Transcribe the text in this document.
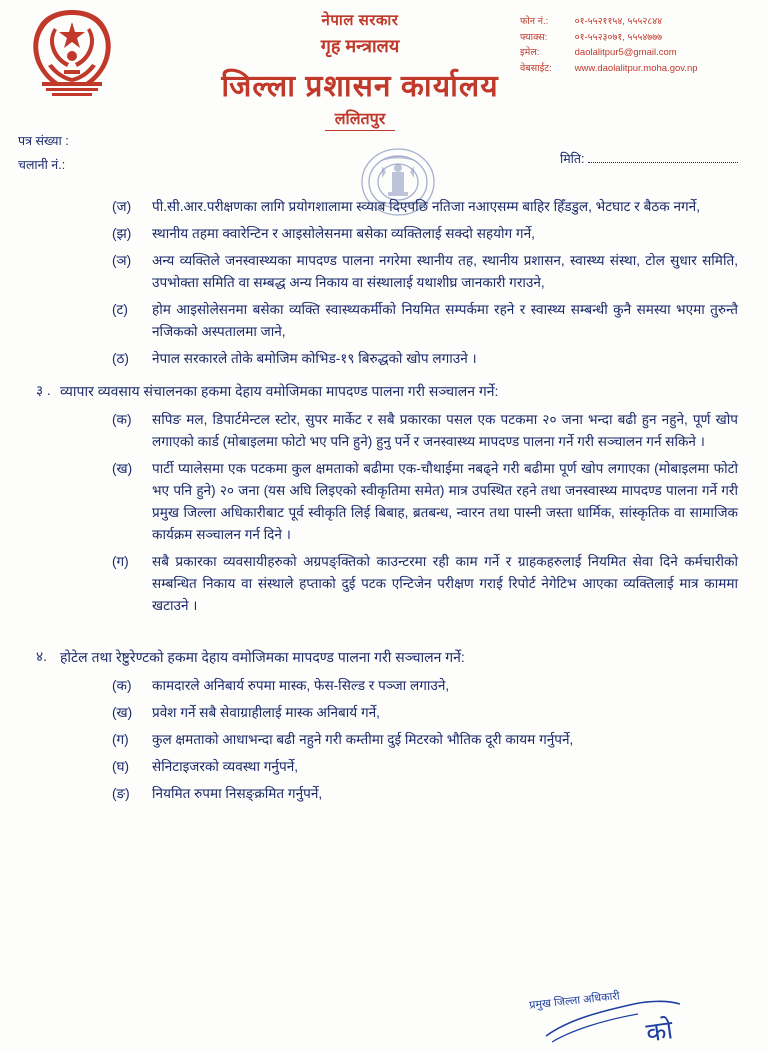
नेपाल सरकार
गृह मन्त्रालय
जिल्ला प्रशासन कार्यालय
ललितपुर
फोन नं.:	०१-५५२११५४, ५५५२८४४
फ्याक्स:	०१-५५२३०७१, ५५५४७७७
इमेल:	daolalitpur5@gmail.com
वेबसाईट: www.daolalitpur.moha.gov.np
पत्र संख्या :
चलानी नं.:	मिति:
(ज)	पी.सी.आर.परीक्षणका लागि प्रयोगशालामा स्व्याब दिएपछि नतिजा नआएसम्म बाहिर हिँडडुल, भेटघाट र बैठक नगर्ने,
(झ)	स्थानीय तहमा क्वारेन्टिन र आइसोलेसनमा बसेका व्यक्तिलाई सक्दो सहयोग गर्ने,
(ञ)	अन्य व्यक्तिले जनस्वास्थ्यका मापदण्ड पालना नगरेमा स्थानीय तह, स्थानीय प्रशासन, स्वास्थ्य संस्था, टोल सुधार समिति, उपभोक्ता समिति वा सम्बद्ध अन्य निकाय वा संस्थालाई यथाशीघ्र जानकारी गराउने,
(ट)	होम आइसोलेसनमा बसेका व्यक्ति स्वास्थ्यकर्मीको नियमित सम्पर्कमा रहने र स्वास्थ्य सम्बन्धी कुनै समस्या भएमा तुरुन्तै नजिकको अस्पतालमा जाने,
(ठ)	नेपाल सरकारले तोके बमोजिम कोभिड-१९ बिरुद्धको खोप लगाउने ।
३ . व्यापार व्यवसाय संचालनका हकमा देहाय वमोजिमका मापदण्ड पालना गरी सञ्चालन गर्ने:
(क)	सपिङ मल, डिपार्टमेन्टल स्टोर, सुपर मार्केट र सबै प्रकारका पसल एक पटकमा २० जना भन्दा बढी हुन नहुने, पूर्ण खोप लगाएको कार्ड (मोबाइलमा फोटो भए पनि हुने) हुनु पर्ने र जनस्वास्थ्य मापदण्ड पालना गर्ने गरी सञ्चालन गर्न सकिने ।
(ख)	पार्टी प्यालेसमा एक पटकमा कुल क्षमताको बढीमा एक-चौथाईमा नबढ्ने गरी बढीमा पूर्ण खोप लगाएका (मोबाइलमा फोटो भए पनि हुने) २० जना (यस अघि लिइएको स्वीकृतिमा समेत) मात्र उपस्थित रहने तथा जनस्वास्थ्य मापदण्ड पालना गर्ने गरी प्रमुख जिल्ला अधिकारीबाट पूर्व स्वीकृति लिई बिबाह, ब्रतबन्ध, न्वारन तथा पास्नी जस्ता धार्मिक, सांस्कृतिक वा सामाजिक कार्यक्रम सञ्चालन गर्न दिने ।
(ग)	सबै प्रकारका व्यवसायीहरुको अग्रपङ्क्तिको काउन्टरमा रही काम गर्ने र ग्राहकहरुलाई नियमित सेवा दिने कर्मचारीको सम्बन्धित निकाय वा संस्थाले हप्ताको दुई पटक एन्टिजेन परीक्षण गराई रिपोर्ट नेगेटिभ आएका व्यक्तिलाई मात्र काममा खटाउने ।
४. होटेल तथा रेष्टुरेण्टको हकमा देहाय वमोजिमका मापदण्ड पालना गरी सञ्चालन गर्ने:
(क)	कामदारले अनिबार्य रुपमा मास्क, फेस-सिल्ड र पञ्जा लगाउने,
(ख)	प्रवेश गर्ने सबै सेवाग्राहीलाई मास्क अनिबार्य गर्ने,
(ग)	कुल क्षमताको आधाभन्दा बढी नहुने गरी कम्तीमा दुई मिटरको भौतिक दूरी कायम गर्नुपर्ने,
(घ)	सेनिटाइजरको व्यवस्था गर्नुपर्ने,
(ङ)	नियमित रुपमा निसङ्क्रमित गर्नुपर्ने,
प्रमुख जिल्ला अधिकारी
काे
